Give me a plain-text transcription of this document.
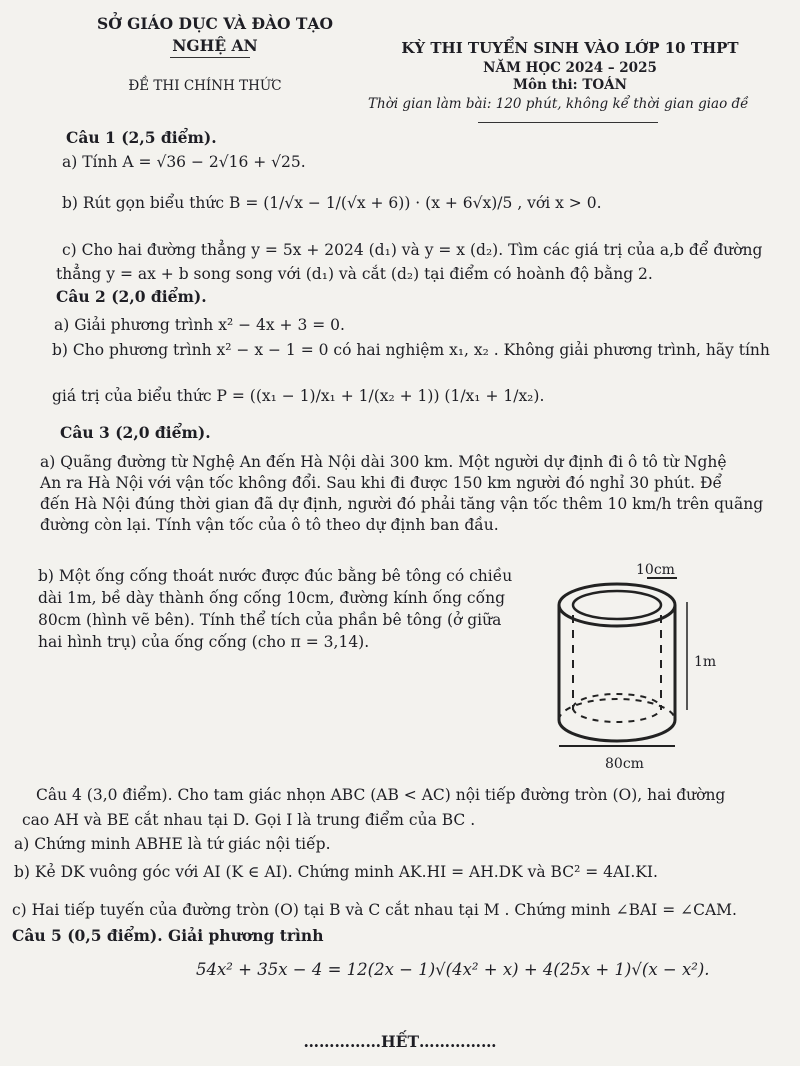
SỞ GIÁO DỤC VÀ ĐÀO TẠO
NGHỆ AN
ĐỀ THI CHÍNH THỨC
KỲ THI TUYỂN SINH VÀO LỚP 10 THPT
NĂM HỌC 2024 – 2025
Môn thi: TOÁN
Thời gian làm bài: 120 phút, không kể thời gian giao đề
Câu 1 (2,5 điểm).
a) Tính A = √36 − 2√16 + √25.
b) Rút gọn biểu thức B = (1/√x − 1/(√x + 6)) · (x + 6√x)/5 , với x > 0.
c) Cho hai đường thẳng y = 5x + 2024 (d₁) và y = x (d₂). Tìm các giá trị của a,b để đường
thẳng y = ax + b song song với (d₁) và cắt (d₂) tại điểm có hoành độ bằng 2.
Câu 2 (2,0 điểm).
a) Giải phương trình x² − 4x + 3 = 0.
b) Cho phương trình x² − x − 1 = 0 có hai nghiệm x₁, x₂ . Không giải phương trình, hãy tính
giá trị của biểu thức P = ((x₁ − 1)/x₁ + 1/(x₂ + 1)) (1/x₁ + 1/x₂).
Câu 3 (2,0 điểm).
a) Quãng đường từ Nghệ An đến Hà Nội dài 300 km. Một người dự định đi ô tô từ Nghệ
An ra Hà Nội với vận tốc không đổi. Sau khi đi được 150 km người đó nghỉ 30 phút. Để
đến Hà Nội đúng thời gian đã dự định, người đó phải tăng vận tốc thêm 10 km/h trên quãng
đường còn lại. Tính vận tốc của ô tô theo dự định ban đầu.
b) Một ống cống thoát nước được đúc bằng bê tông có chiều
dài 1m, bề dày thành ống cống 10cm, đường kính ống cống
80cm (hình vẽ bên). Tính thể tích của phần bê tông (ở giữa
hai hình trụ) của ống cống (cho π = 3,14).
10cm
1m
80cm
Câu 4 (3,0 điểm). Cho tam giác nhọn ABC (AB < AC) nội tiếp đường tròn (O), hai đường
cao AH và BE cắt nhau tại D. Gọi I là trung điểm của BC .
a) Chứng minh ABHE là tứ giác nội tiếp.
b) Kẻ DK vuông góc với AI (K ∈ AI). Chứng minh AK.HI = AH.DK và BC² = 4AI.KI.
c) Hai tiếp tuyến của đường tròn (O) tại B và C cắt nhau tại M . Chứng minh ∠BAI = ∠CAM.
Câu 5 (0,5 điểm). Giải phương trình
54x² + 35x − 4 = 12(2x − 1)√(4x² + x) + 4(25x + 1)√(x − x²).
……………HẾT……………
